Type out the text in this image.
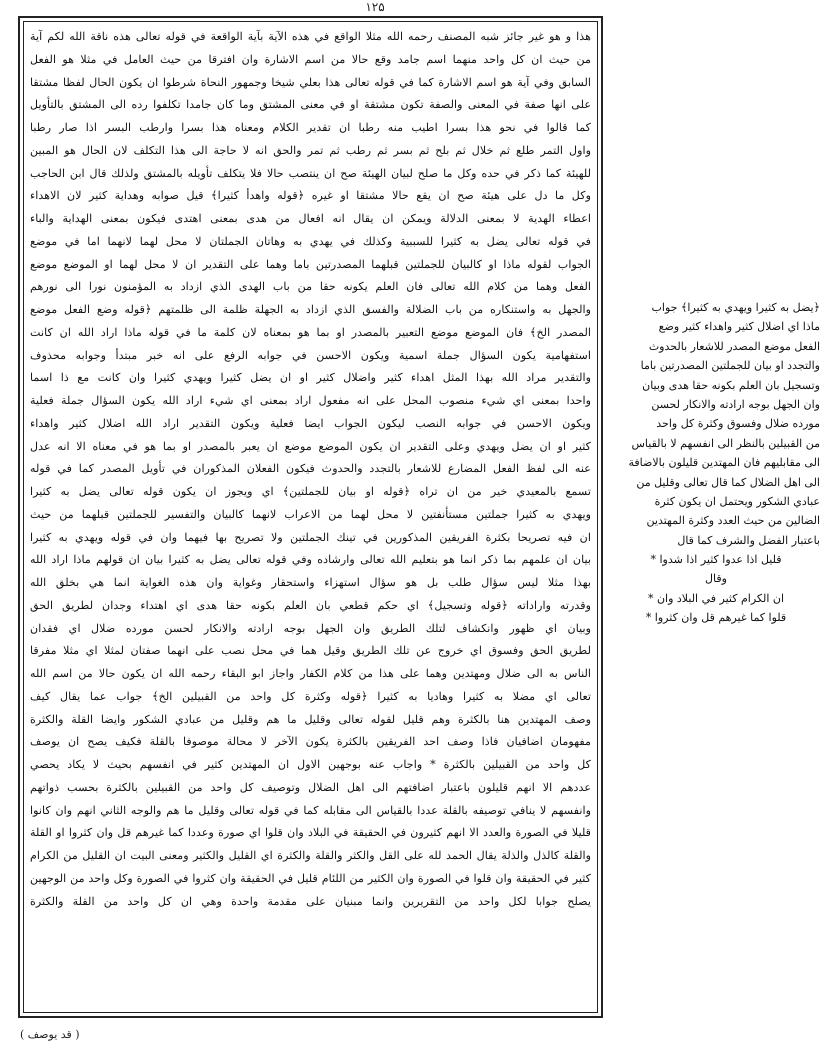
۱۲۵
هذا و هو غير جائز شبه المصنف رحمه الله مثلا الواقع في هذه الآية بآية الواقعة في قوله تعالى هذه ناقة الله لكم آية
من حيث ان كل واحد منهما اسم جامد وقع حالا من اسم الاشارة وان افترقا من حيث العامل في مثلا هو الفعل
السابق وفي آية هو اسم الاشارة كما في قوله تعالى هذا بعلي شيخا وجمهور النحاة شرطوا ان يكون الحال لفظا مشتقا
على انها صفة في المعنى والصفة تكون مشتقة او في معنى المشتق وما كان جامدا تكلفوا رده الى المشتق بالتأويل
كما قالوا في نحو هذا بسرا اطيب منه رطبا ان تقدير الكلام ومعناه هذا بسرا وارطب البسر اذا صار رطبا
واول التمر طلع ثم خلال ثم بلح ثم بسر ثم رطب ثم تمر والحق انه لا حاجة الى هذا التكلف لان الحال هو المبين
للهيئة كما ذكر في حده وكل ما صلح لبيان الهيئة صح ان ينتصب حالا فلا يتكلف تأويله بالمشتق ولذلك قال ابن الحاجب
وكل ما دل على هيئة صح ان يقع حالا مشتقا او غيره ﴿قوله واهدأ كثيرا﴾ قيل صوابه وهداية كثير لان الاهداء
اعطاء الهدية لا بمعنى الدلالة ويمكن ان يقال انه افعال من هدى بمعنى اهتدى فيكون بمعنى الهداية والباء
في قوله تعالى يضل به كثيرا للسببية وكذلك في يهدي به وهاتان الجملتان لا محل لهما لانهما اما في موضع
الجواب لقوله ماذا او كالبيان للجملتين قبلهما المصدرتين باما وهما على التقدير ان لا محل لهما او الموضع موضع
الفعل وهما من كلام الله تعالى فان العلم يكونه حقا من باب الهدى الذي ازداد به المؤمنون نورا الى نورهم
والجهل به واستنكاره من باب الضلالة والفسق الذي ازداد به الجهلة ظلمة الى ظلمتهم ﴿قوله وضع الفعل موضع
المصدر الخ﴾ فان الموضع موضع التعبير بالمصدر او بما هو بمعناه لان كلمة ما في قوله ماذا اراد الله ان كانت
استفهامية يكون السؤال جملة اسمية ويكون الاحسن في جوابه الرفع على انه خبر مبتدأ وجوابه محذوف
والتقدير مراد الله بهذا المثل اهداء كثير واضلال كثير او ان يضل كثيرا ويهدي كثيرا وان كانت مع ذا اسما
واحدا بمعنى اي شيء منصوب المحل على انه مفعول اراد بمعنى اي شيء اراد الله يكون السؤال جملة فعلية
ويكون الاحسن في جوابه النصب ليكون الجواب ايضا فعلية ويكون التقدير اراد الله اضلال كثير واهداء
كثير او ان يضل ويهدي وعلى التقدير ان يكون الموضع موضع ان يعبر بالمصدر او بما هو في معناه الا انه عدل
عنه الى لفظ الفعل المضارع للاشعار بالتجدد والحدوث فيكون الفعلان المذكوران في تأويل المصدر كما في قوله
تسمع بالمعيدي خير من ان تراه ﴿قوله او بيان للجملتين﴾ اي ويجوز ان يكون قوله تعالى يضل به كثيرا
ويهدي به كثيرا جملتين مستأنفتين لا محل لهما من الاعراب لانهما كالبيان والتفسير للجملتين قبلهما من حيث
ان فيه تصريحا بكثرة الفريقين المذكورين في تينك الجملتين ولا تصريح بها فيهما وان في قوله ويهدي به كثيرا
بيان ان علمهم بما ذكر انما هو بتعليم الله تعالى وارشاده وفي قوله تعالى يضل به كثيرا بيان ان قولهم ماذا اراد الله
بهذا مثلا ليس سؤال طلب بل هو سؤال استهزاء واستحقار وغواية وان هذه الغواية انما هي بخلق الله
وقدرته واراداته ﴿قوله وتسجيل﴾ اي حكم قطعي بان العلم بكونه حقا هدى اي اهتداء وجدان لطريق الحق
وبيان اي ظهور وانكشاف لتلك الطريق وان الجهل بوجه ارادته والانكار لحسن مورده ضلال اي فقدان
لطريق الحق وفسوق اي خروج عن تلك الطريق وقيل هما في محل نصب على انهما صفتان لمثلا اي مثلا مفرقا
الناس به الى ضلال ومهتدين وهما على هذا من كلام الكفار واجاز ابو البقاء رحمه الله ان يكون حالا من اسم الله
تعالى اي مضلا به كثيرا وهاديا به كثيرا ﴿قوله وكثرة كل واحد من القبيلين الخ﴾ جواب عما يقال كيف
وصف المهتدين هنا بالكثرة وهم قليل لقوله تعالى وقليل ما هم وقليل من عبادي الشكور وايضا القلة والكثرة
مفهومان اضافيان فاذا وصف احد الفريقين بالكثرة يكون الآخر لا محالة موصوفا بالقلة فكيف يصح ان يوصف
كل واحد من القبيلين بالكثرة * واجاب عنه بوجهين الاول ان المهتدين كثير في انفسهم بحيث لا يكاد يحصي
عددهم الا انهم قليلون باعتبار اضافتهم الى اهل الضلال وتوصيف كل واحد من القبيلين بالكثرة بحسب ذواتهم
وانفسهم لا ينافي توصيفه بالقلة عددا بالقياس الى مقابله كما في قوله تعالى وقليل ما هم والوجه الثاني انهم وان كانوا
قليلا في الصورة والعدد الا انهم كثيرون في الحقيقة في البلاد وان قلوا اي صورة وعددا كما غيرهم قل وان كثروا او القلة
والقلة كالذل والذلة يقال الحمد لله على القل والكثر والقلة والكثرة اي القليل والكثير ومعنى البيت ان القليل من الكرام
كثير في الحقيقة وان قلوا في الصورة وان الكثير من اللئام قليل في الحقيقة وان كثروا في الصورة وكل واحد من الوجهين
يصلح جوابا لكل واحد من التقريرين وانما مبنيان على مقدمة واحدة وهي ان كل واحد من القلة والكثرة
﴿يضل به كثيرا ويهدي به كثيرا﴾ جواب
ماذا اي اضلال كثير واهداء كثير وضع
الفعل موضع المصدر للاشعار بالحدوث
والتجدد او بيان للجملتين المصدرتين باما
وتسجيل بان العلم بكونه حقا هدى وبيان
وان الجهل بوجه ارادته والانكار لحسن
مورده ضلال وفسوق وكثرة كل واحد
من القبيلين بالنظر الى انفسهم لا بالقياس
الى مقابليهم فان المهتدين قليلون بالاضافة
الى اهل الضلال كما قال تعالى وقليل من
عبادي الشكور ويحتمل ان يكون كثرة
الضالين من حيث العدد وكثرة المهتدين
باعتبار الفضل والشرف كما قال
قليل اذا عدوا كثير اذا شدوا *
وقال
ان الكرام كثير في البلاد وان *
قلوا كما غيرهم قل وان كثروا *
( قد يوصف )
